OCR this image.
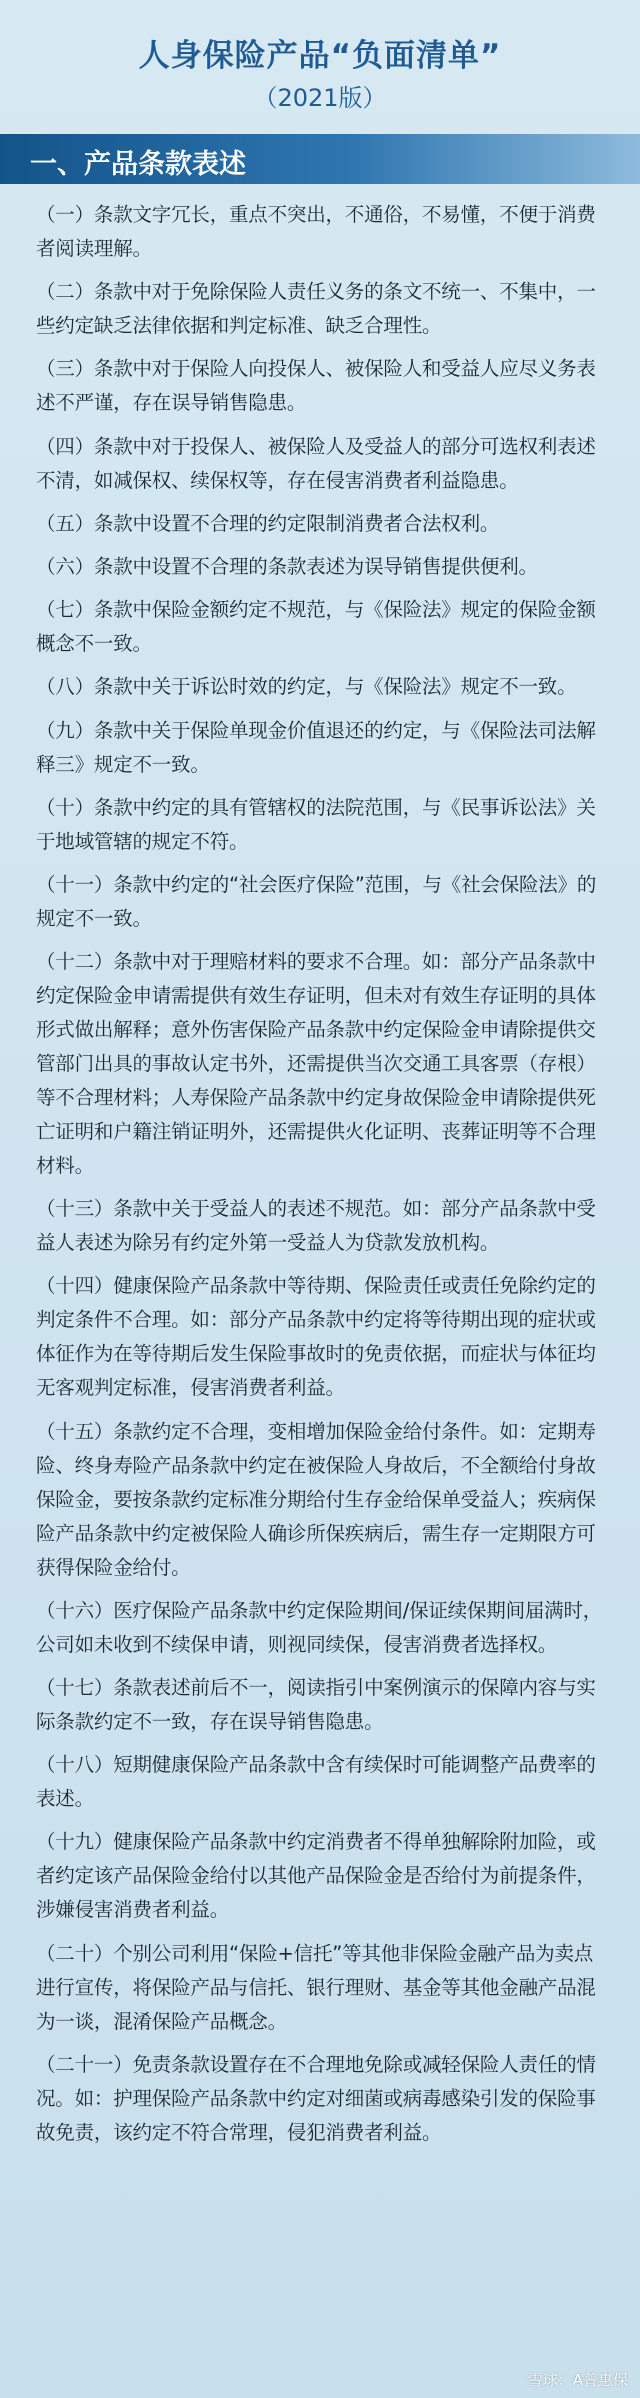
人身保险产品“负面清单”
（2021版）
一、产品条款表述

（一）条款文字冗长，重点不突出，不通俗，不易懂，不便于消费者阅读理解。

（二）条款中对于免除保险人责任义务的条文不统一、不集中，一些约定缺乏法律依据和判定标准、缺乏合理性。

（三）条款中对于保险人向投保人、被保险人和受益人应尽义务表述不严谨，存在误导销售隐患。

（四）条款中对于投保人、被保险人及受益人的部分可选权利表述不清，如减保权、续保权等，存在侵害消费者利益隐患。

（五）条款中设置不合理的约定限制消费者合法权利。

（六）条款中设置不合理的条款表述为误导销售提供便利。

（七）条款中保险金额约定不规范，与《保险法》规定的保险金额概念不一致。

（八）条款中关于诉讼时效的约定，与《保险法》规定不一致。

（九）条款中关于保险单现金价值退还的约定，与《保险法司法解释三》规定不一致。

（十）条款中约定的具有管辖权的法院范围，与《民事诉讼法》关于地域管辖的规定不符。

（十一）条款中约定的“社会医疗保险”范围，与《社会保险法》的规定不一致。

（十二）条款中对于理赔材料的要求不合理。如：部分产品条款中约定保险金申请需提供有效生存证明，但未对有效生存证明的具体形式做出解释；意外伤害保险产品条款中约定保险金申请除提供交管部门出具的事故认定书外，还需提供当次交通工具客票（存根）等不合理材料；人寿保险产品条款中约定身故保险金申请除提供死亡证明和户籍注销证明外，还需提供火化证明、丧葬证明等不合理材料。

（十三）条款中关于受益人的表述不规范。如：部分产品条款中受益人表述为除另有约定外第一受益人为贷款发放机构。

（十四）健康保险产品条款中等待期、保险责任或责任免除约定的判定条件不合理。如：部分产品条款中约定将等待期出现的症状或体征作为在等待期后发生保险事故时的免责依据，而症状与体征均无客观判定标准，侵害消费者利益。

（十五）条款约定不合理，变相增加保险金给付条件。如：定期寿险、终身寿险产品条款中约定在被保险人身故后，不全额给付身故保险金，要按条款约定标准分期给付生存金给保单受益人；疾病保险产品条款中约定被保险人确诊所保疾病后，需生存一定期限方可获得保险金给付。

（十六）医疗保险产品条款中约定保险期间/保证续保期间届满时，公司如未收到不续保申请，则视同续保，侵害消费者选择权。

（十七）条款表述前后不一，阅读指引中案例演示的保障内容与实际条款约定不一致，存在误导销售隐患。

（十八）短期健康保险产品条款中含有续保时可能调整产品费率的表述。

（十九）健康保险产品条款中约定消费者不得单独解除附加险，或者约定该产品保险金给付以其他产品保险金是否给付为前提条件，涉嫌侵害消费者利益。

（二十）个别公司利用“保险+信托”等其他非保险金融产品为卖点进行宣传，将保险产品与信托、银行理财、基金等其他金融产品混为一谈，混淆保险产品概念。

（二十一）免责条款设置存在不合理地免除或减轻保险人责任的情况。如：护理保险产品条款中约定对细菌或病毒感染引发的保险事故免责，该约定不符合常理，侵犯消费者利益。

雪球：A普惠保
